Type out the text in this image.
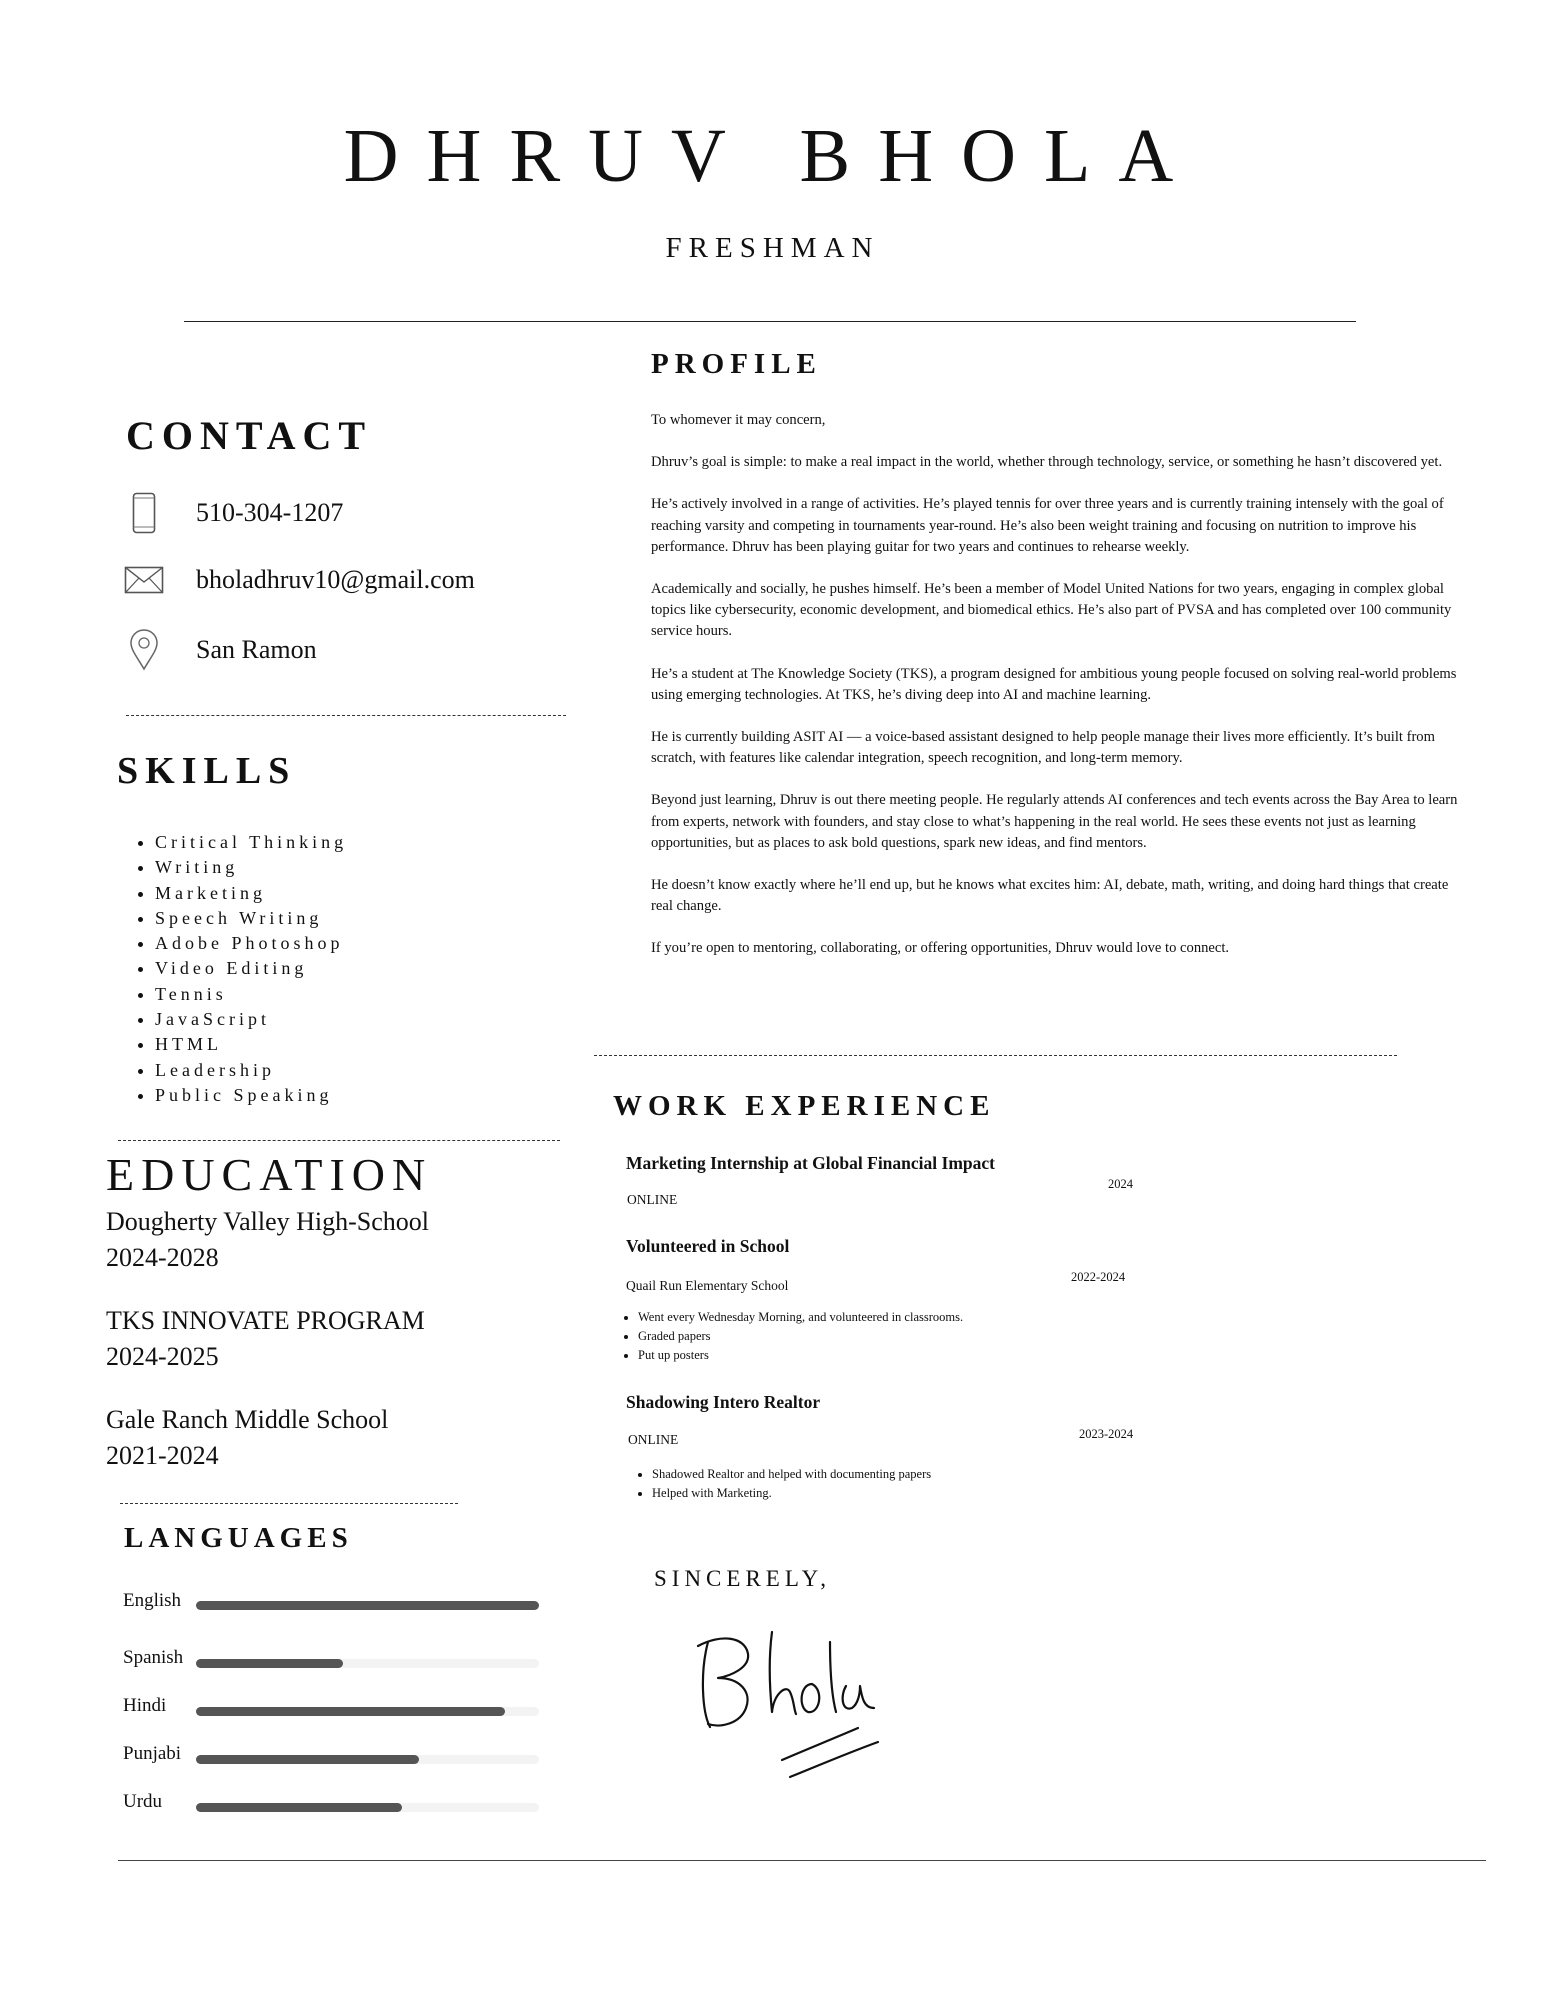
DHRUV BHOLA
FRESHMAN
CONTACT
510-304-1207
bholadhruv10@gmail.com
San Ramon
SKILLS
• Critical Thinking
• Writing
• Marketing
• Speech Writing
• Adobe Photoshop
• Video Editing
• Tennis
• JavaScript
• HTML
• Leadership
• Public Speaking
EDUCATION
Dougherty Valley High-School
2024-2028
TKS INNOVATE PROGRAM
2024-2025
Gale Ranch Middle School
2021-2024
LANGUAGES
English
Spanish
Hindi
Punjabi
Urdu
PROFILE

To whomever it may concern,

Dhruv’s goal is simple: to make a real impact in the world, whether through technology, service, or something he hasn’t discovered yet.

He’s actively involved in a range of activities. He’s played tennis for over three years and is currently training intensely with the goal of reaching varsity and competing in tournaments year-round. He’s also been weight training and focusing on nutrition to improve his performance. Dhruv has been playing guitar for two years and continues to rehearse weekly.

Academically and socially, he pushes himself. He’s been a member of Model United Nations for two years, engaging in complex global topics like cybersecurity, economic development, and biomedical ethics. He’s also part of PVSA and has completed over 100 community service hours.

He’s a student at The Knowledge Society (TKS), a program designed for ambitious young people focused on solving real-world problems using emerging technologies. At TKS, he’s diving deep into AI and machine learning.

He is currently building ASIT AI — a voice-based assistant designed to help people manage their lives more efficiently. It’s built from scratch, with features like calendar integration, speech recognition, and long-term memory.

Beyond just learning, Dhruv is out there meeting people. He regularly attends AI conferences and tech events across the Bay Area to learn from experts, network with founders, and stay close to what’s happening in the real world. He sees these events not just as learning opportunities, but as places to ask bold questions, spark new ideas, and find mentors.

He doesn’t know exactly where he’ll end up, but he knows what excites him: AI, debate, math, writing, and doing hard things that create real change.

If you’re open to mentoring, collaborating, or offering opportunities, Dhruv would love to connect.

WORK EXPERIENCE
Marketing Internship at Global Financial Impact
2024
ONLINE
Volunteered in School
2022-2024
Quail Run Elementary School
• Went every Wednesday Morning, and volunteered in classrooms.
• Graded papers
• Put up posters
Shadowing Intero Realtor
2023-2024
ONLINE
• Shadowed Realtor and helped with documenting papers
• Helped with Marketing.
SINCERELY,
